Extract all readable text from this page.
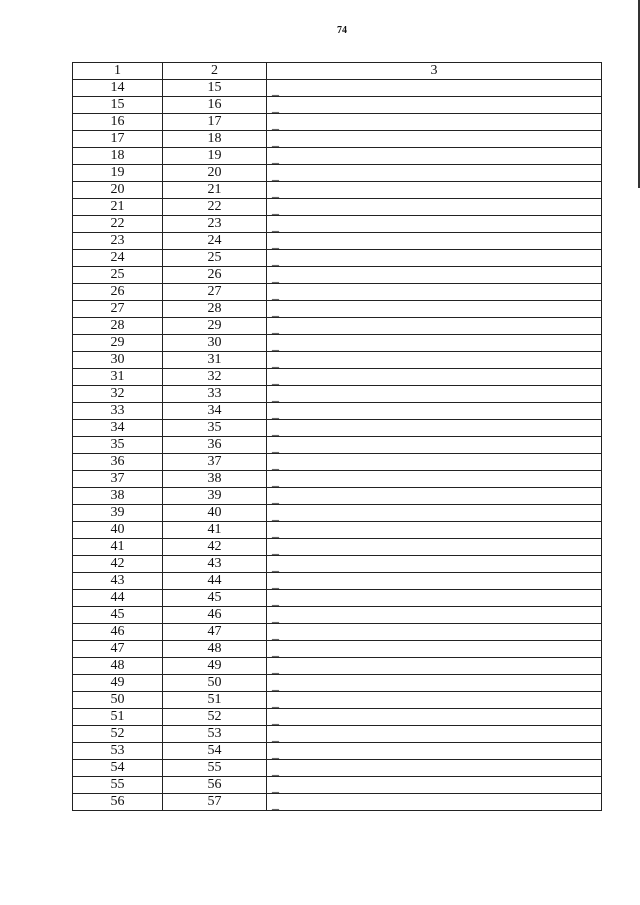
74
1	2	3
14	15	_
15	16	_
16	17	_
17	18	_
18	19	_
19	20	_
20	21	_
21	22	_
22	23	_
23	24	_
24	25	_
25	26	_
26	27	_
27	28	_
28	29	_
29	30	_
30	31	_
31	32	_
32	33	_
33	34	_
34	35	_
35	36	_
36	37	_
37	38	_
38	39	_
39	40	_
40	41	_
41	42	_
42	43	_
43	44	_
44	45	_
45	46	_
46	47	_
47	48	_
48	49	_
49	50	_
50	51	_
51	52	_
52	53	_
53	54	_
54	55	_
55	56	_
56	57	_
